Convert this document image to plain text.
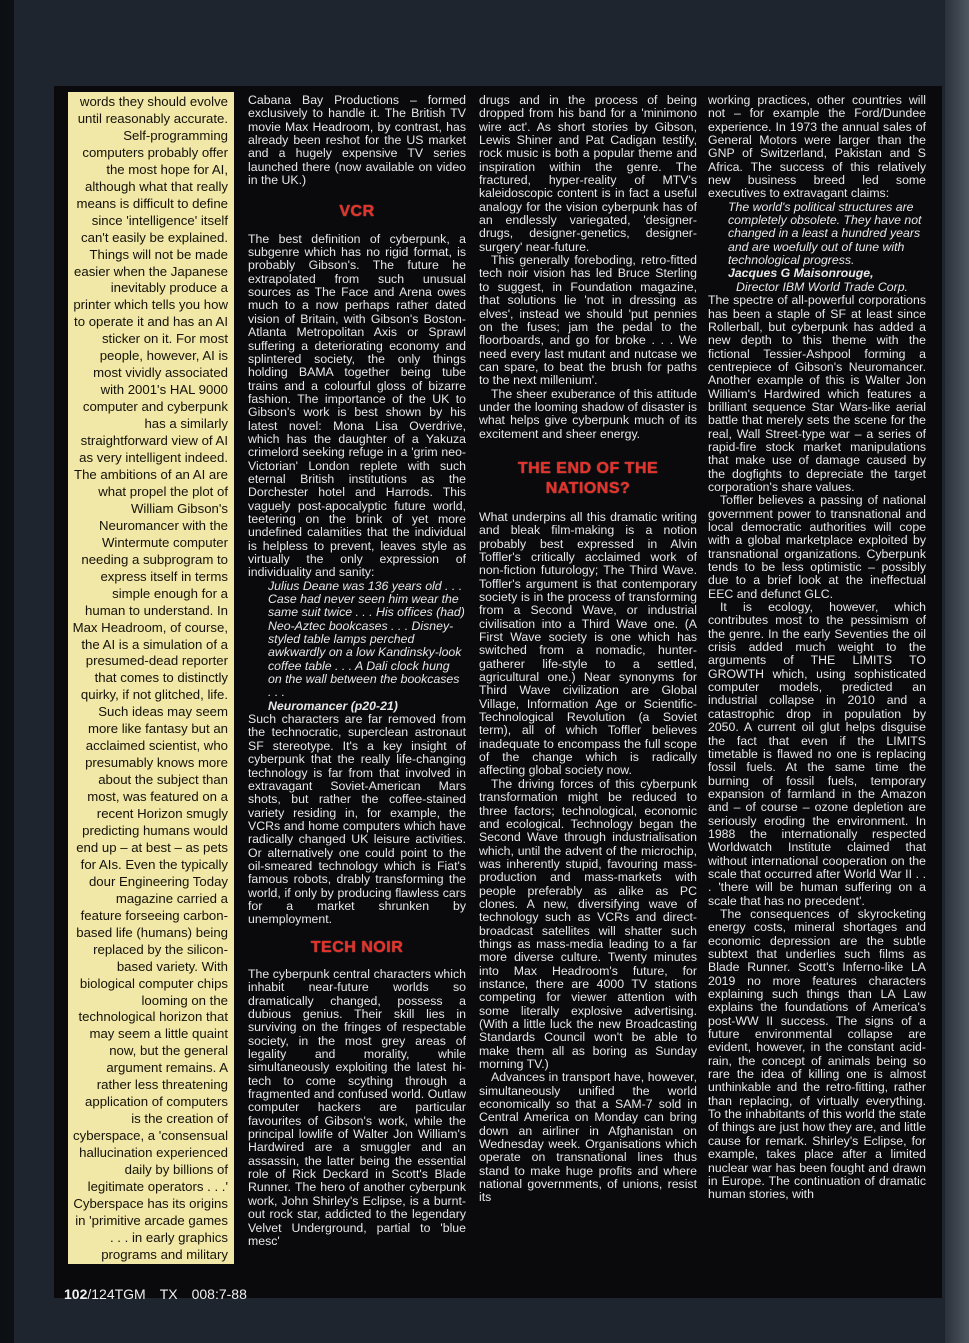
words they should evolve until reasonably accurate. Self-programming computers probably offer the most hope for AI, although what that really means is difficult to define since 'intelligence' itself can't easily be explained. Things will not be made easier when the Japanese inevitably produce a printer which tells you how to operate it and has an AI sticker on it. For most people, however, AI is most vividly associated with 2001's HAL 9000 computer and cyberpunk has a similarly straightforward view of AI as very intelligent indeed. The ambitions of an AI are what propel the plot of William Gibson's Neuromancer with the Wintermute computer needing a subprogram to express itself in terms simple enough for a human to understand. In Max Headroom, of course, the AI is a simulation of a presumed-dead reporter that comes to distinctly quirky, if not glitched, life. Such ideas may seem more like fantasy but an acclaimed scientist, who presumably knows more about the subject than most, was featured on a recent Horizon smugly predicting humans would end up – at best – as pets for AIs. Even the typically dour Engineering Today magazine carried a feature forseeing carbon-based life (humans) being replaced by the silicon-based variety. With biological computer chips looming on the technological horizon that may seem a little quaint now, but the general argument remains. A rather less threatening application of computers is the creation of cyberspace, a 'consensual hallucination experienced daily by billions of legitimate operators . . .' Cyberspace has its origins in 'primitive arcade games . . . in early graphics programs and military

Cabana Bay Productions – formed exclusively to handle it. The British TV movie Max Headroom, by contrast, has already been reshot for the US market and a hugely expensive TV series launched there (now available on video in the UK.)

VCR

The best definition of cyberpunk, a subgenre which has no rigid format, is probably Gibson's. The future he extrapolated from such unusual sources as The Face and Arena owes much to a now perhaps rather dated vision of Britain, with Gibson's Boston-Atlanta Metropolitan Axis or Sprawl suffering a deteriorating economy and splintered society, the only things holding BAMA together being tube trains and a colourful gloss of bizarre fashion. The importance of the UK to Gibson's work is best shown by his latest novel: Mona Lisa Overdrive, which has the daughter of a Yakuza crimelord seeking refuge in a 'grim neo-Victorian' London replete with such eternal British institutions as the Dorchester hotel and Harrods. This vaguely post-apocalyptic future world, teetering on the brink of yet more undefined calamities that the individual is helpless to prevent, leaves style as virtually the only expression of individuality and sanity:

Julius Deane was 136 years old . . . Case had never seen him wear the same suit twice . . . His offices (had) Neo-Aztec bookcases . . . Disney-styled table lamps perched awkwardly on a low Kandinsky-look coffee table . . . A Dali clock hung on the wall between the bookcases . . .

Neuromancer (p20-21)

Such characters are far removed from the technocratic, superclean astronaut SF stereotype. It's a key insight of cyberpunk that the really life-changing technology is far from that involved in extravagant Soviet-American Mars shots, but rather the coffee-stained variety residing in, for example, the VCRs and home computers which have radically changed UK leisure activities. Or alternatively one could point to the oil-smeared technology which is Fiat's famous robots, drably transforming the world, if only by producing flawless cars for a market shrunken by unemployment.

TECH NOIR

The cyberpunk central characters which inhabit near-future worlds so dramatically changed, possess a dubious genius. Their skill lies in surviving on the fringes of respectable society, in the most grey areas of legality and morality, while simultaneously exploiting the latest hi-tech to come scything through a fragmented and confused world. Outlaw computer hackers are particular favourites of Gibson's work, while the principal lowlife of Walter Jon William's Hardwired are a smuggler and an assassin, the latter being the essential role of Rick Deckard in Scott's Blade Runner. The hero of another cyberpunk work, John Shirley's Eclipse, is a burnt-out rock star, addicted to the legendary Velvet Underground, partial to 'blue mesc'

drugs and in the process of being dropped from his band for a 'minimono wire act'. As short stories by Gibson, Lewis Shiner and Pat Cadigan testify, rock music is both a popular theme and inspiration within the genre. The fractured, hyper-reality of MTV's kaleidoscopic content is in fact a useful analogy for the vision cyberpunk has of an endlessly variegated, 'designer-drugs, designer-genetics, designer-surgery' near-future.

This generally foreboding, retro-fitted tech noir vision has led Bruce Sterling to suggest, in Foundation magazine, that solutions lie 'not in dressing as elves', instead we should 'put pennies on the fuses; jam the pedal to the floorboards, and go for broke . . . We need every last mutant and nutcase we can spare, to beat the brush for paths to the next millenium'.

The sheer exuberance of this attitude under the looming shadow of disaster is what helps give cyberpunk much of its excitement and sheer energy.

THE END OF THE NATIONS?

What underpins all this dramatic writing and bleak film-making is a notion probably best expressed in Alvin Toffler's critically acclaimed work of non-fiction futurology; The Third Wave. Toffler's argument is that contemporary society is in the process of transforming from a Second Wave, or industrial civilisation into a Third Wave one. (A First Wave society is one which has switched from a nomadic, hunter-gatherer life-style to a settled, agricultural one.) Near synonyms for Third Wave civilization are Global Village, Information Age or Scientific-Technological Revolution (a Soviet term), all of which Toffler believes inadequate to encompass the full scope of the change which is radically affecting global society now.

The driving forces of this cyberpunk transformation might be reduced to three factors; technological, economic and ecological. Technology began the Second Wave through industrialisation which, until the advent of the microchip, was inherently stupid, favouring mass-production and mass-markets with people preferably as alike as PC clones. A new, diversifying wave of technology such as VCRs and direct-broadcast satellites will shatter such things as mass-media leading to a far more diverse culture. Twenty minutes into Max Headroom's future, for instance, there are 4000 TV stations competing for viewer attention with some literally explosive advertising. (With a little luck the new Broadcasting Standards Council won't be able to make them all as boring as Sunday morning TV.)

Advances in transport have, however, simultaneously unified the world economically so that a SAM-7 sold in Central America on Monday can bring down an airliner in Afghanistan on Wednesday week. Organisations which operate on transnational lines thus stand to make huge profits and where national governments, of unions, resist its

working practices, other countries will not – for example the Ford/Dundee experience. In 1973 the annual sales of General Motors were larger than the GNP of Switzerland, Pakistan and S Africa. The success of this relatively new business breed led some executives to extravagant claims:

The world's political structures are completely obsolete. They have not changed in a least a hundred years and are woefully out of tune with technological progress.

Jacques G Maisonrouge,

Director IBM World Trade Corp.

The spectre of all-powerful corporations has been a staple of SF at least since Rollerball, but cyberpunk has added a new depth to this theme with the fictional Tessier-Ashpool forming a centrepiece of Gibson's Neuromancer. Another example of this is Walter Jon William's Hardwired which features a brilliant sequence Star Wars-like aerial battle that merely sets the scene for the real, Wall Street-type war – a series of rapid-fire stock market manipulations that make use of damage caused by the dogfights to depreciate the target corporation's share values.

Toffler believes a passing of national government power to transnational and local democratic authorities will cope with a global marketplace exploited by transnational organizations. Cyberpunk tends to be less optimistic – possibly due to a brief look at the ineffectual EEC and defunct GLC.

It is ecology, however, which contributes most to the pessimism of the genre. In the early Seventies the oil crisis added much weight to the arguments of THE LIMITS TO GROWTH which, using sophisticated computer models, predicted an industrial collapse in 2010 and a catastrophic drop in population by 2050. A current oil glut helps disguise the fact that even if the LIMITS timetable is flawed no one is replacing fossil fuels. At the same time the burning of fossil fuels, temporary expansion of farmland in the Amazon and – of course – ozone depletion are seriously eroding the environment. In 1988 the internationally respected Worldwatch Institute claimed that without international cooperation on the scale that occurred after World War II . . . 'there will be human suffering on a scale that has no precedent'.

The consequences of skyrocketing energy costs, mineral shortages and economic depression are the subtle subtext that underlies such films as Blade Runner. Scott's Inferno-like LA 2019 no more features characters explaining such things than LA Law explains the foundations of America's post-WW II success. The signs of a future environmental collapse are evident, however, in the constant acid-rain, the concept of animals being so rare the idea of killing one is almost unthinkable and the retro-fitting, rather than replacing, of virtually everything. To the inhabitants of this world the state of things are just how they are, and little cause for remark. Shirley's Eclipse, for example, takes place after a limited nuclear war has been fought and drawn in Europe. The continuation of dramatic human stories, with

102/124TGM TX 008:7-88
